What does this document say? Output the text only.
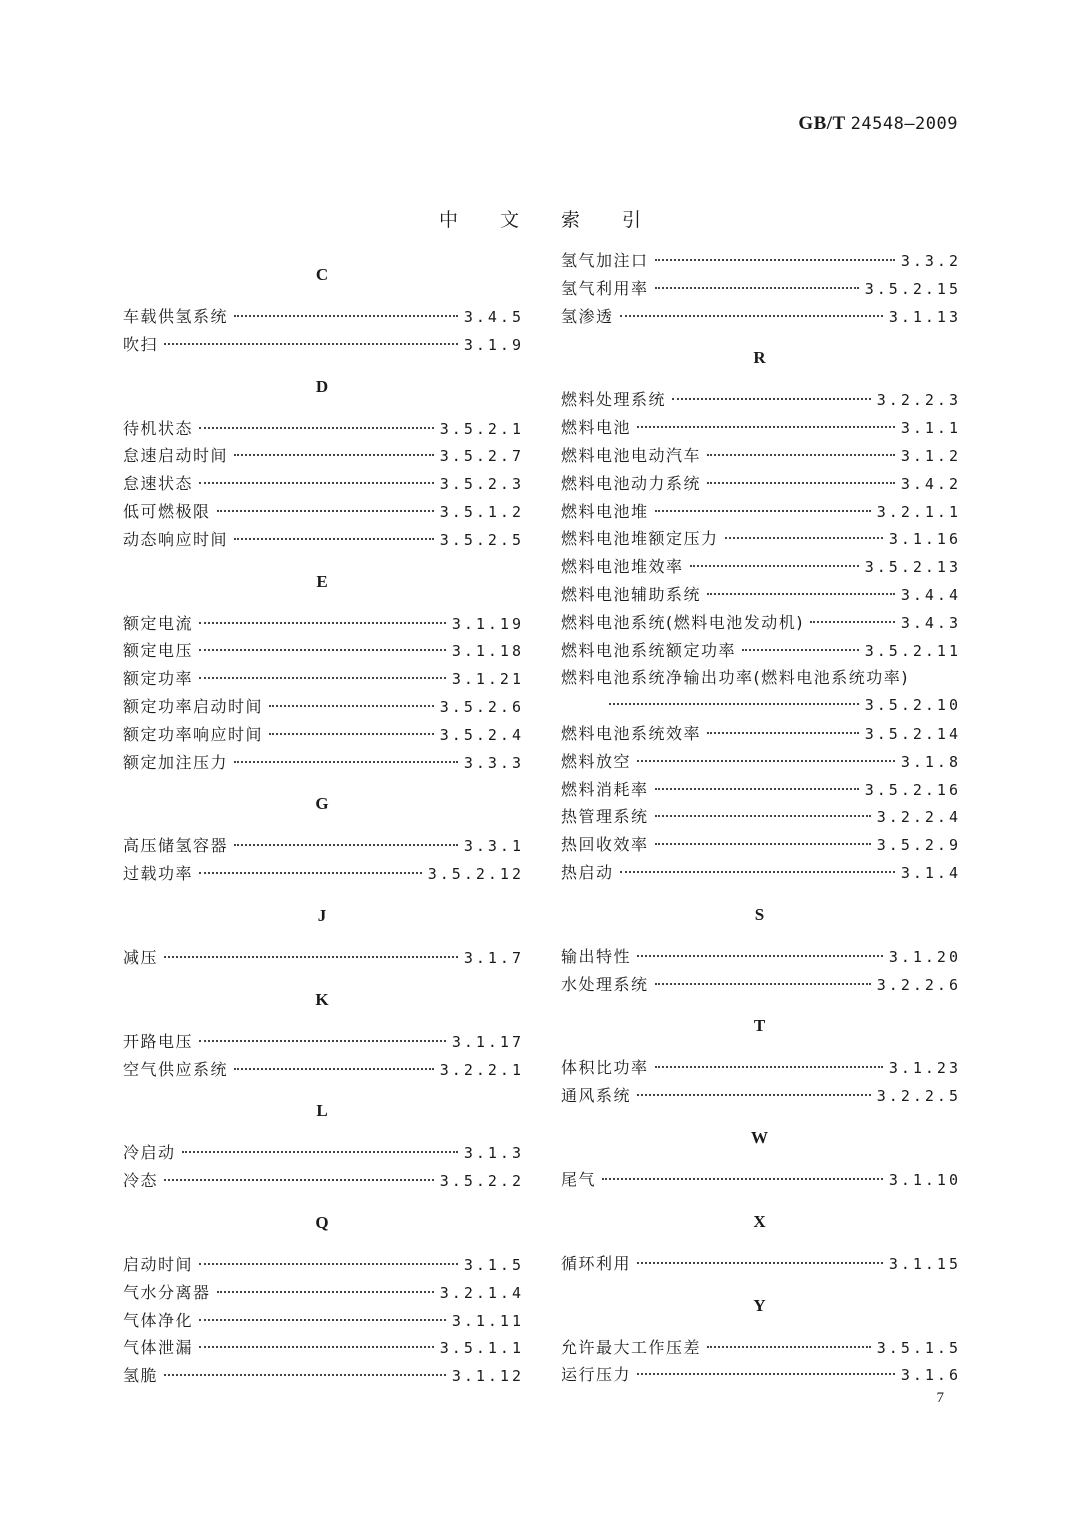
GB/T 24548—2009
中 文 索 引
C
车载供氢系统	3.4.5
吹扫	3.1.9
D
待机状态	3.5.2.1
怠速启动时间	3.5.2.7
怠速状态	3.5.2.3
低可燃极限	3.5.1.2
动态响应时间	3.5.2.5
E
额定电流	3.1.19
额定电压	3.1.18
额定功率	3.1.21
额定功率启动时间	3.5.2.6
额定功率响应时间	3.5.2.4
额定加注压力	3.3.3
G
高压储氢容器	3.3.1
过载功率	3.5.2.12
J
减压	3.1.7
K
开路电压	3.1.17
空气供应系统	3.2.2.1
L
冷启动	3.1.3
冷态	3.5.2.2
Q
启动时间	3.1.5
气水分离器	3.2.1.4
气体净化	3.1.11
气体泄漏	3.5.1.1
氢脆	3.1.12
氢气加注口	3.3.2
氢气利用率	3.5.2.15
氢渗透	3.1.13
R
燃料处理系统	3.2.2.3
燃料电池	3.1.1
燃料电池电动汽车	3.1.2
燃料电池动力系统	3.4.2
燃料电池堆	3.2.1.1
燃料电池堆额定压力	3.1.16
燃料电池堆效率	3.5.2.13
燃料电池辅助系统	3.4.4
燃料电池系统(燃料电池发动机)	3.4.3
燃料电池系统额定功率	3.5.2.11
燃料电池系统净输出功率(燃料电池系统功率)
3.5.2.10
燃料电池系统效率	3.5.2.14
燃料放空	3.1.8
燃料消耗率	3.5.2.16
热管理系统	3.2.2.4
热回收效率	3.5.2.9
热启动	3.1.4
S
输出特性	3.1.20
水处理系统	3.2.2.6
T
体积比功率	3.1.23
通风系统	3.2.2.5
W
尾气	3.1.10
X
循环利用	3.1.15
Y
允许最大工作压差	3.5.1.5
运行压力	3.1.6
7
